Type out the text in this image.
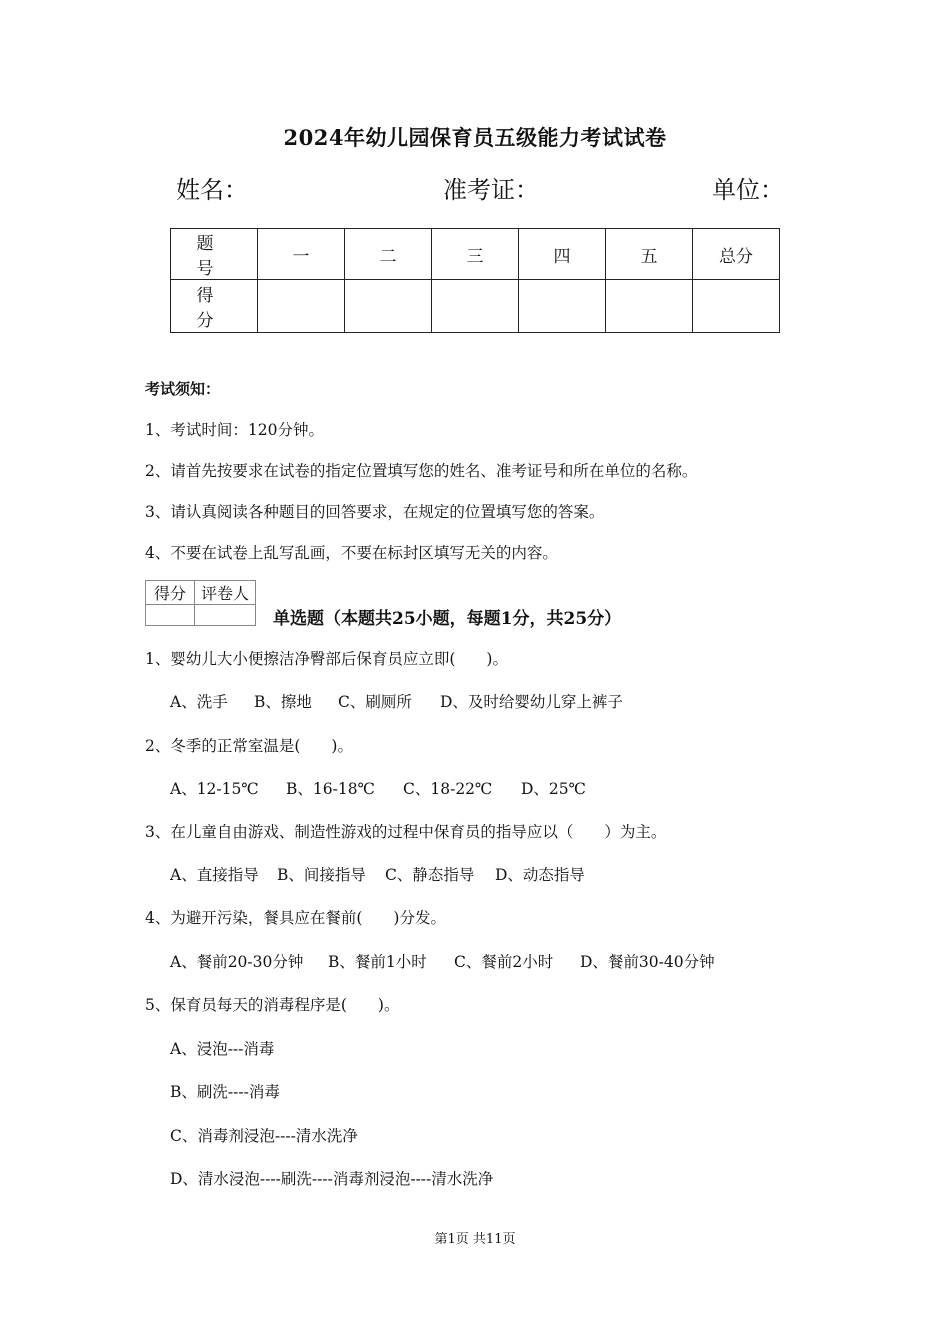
2024年幼儿园保育员五级能力考试试卷
姓名：	准考证：	单位：
题　号	一	二	三	四	五	总分
得　分						
考试须知：
1、考试时间：120分钟。
2、请首先按要求在试卷的指定位置填写您的姓名、准考证号和所在单位的名称。
3、请认真阅读各种题目的回答要求，在规定的位置填写您的答案。
4、不要在试卷上乱写乱画，不要在标封区填写无关的内容。
得分	评卷人

单选题（本题共25小题，每题1分，共25分）
1、婴幼儿大小便擦洁净臀部后保育员应立即(　　)。
A、洗手 B、擦地 C、刷厕所 D、及时给婴幼儿穿上裤子
2、冬季的正常室温是(　　)。
A、12-15℃ B、16-18℃ C、18-22℃ D、25℃
3、在儿童自由游戏、制造性游戏的过程中保育员的指导应以（　　）为主。
A、直接指导 B、间接指导 C、静态指导 D、动态指导
4、为避开污染，餐具应在餐前(　　)分发。
A、餐前20-30分钟 B、餐前1小时 C、餐前2小时 D、餐前30-40分钟
5、保育员每天的消毒程序是(　　)。
A、浸泡---消毒
B、刷洗----消毒
C、消毒剂浸泡----清水洗净
D、清水浸泡----刷洗----消毒剂浸泡----清水洗净
第1页 共11页
